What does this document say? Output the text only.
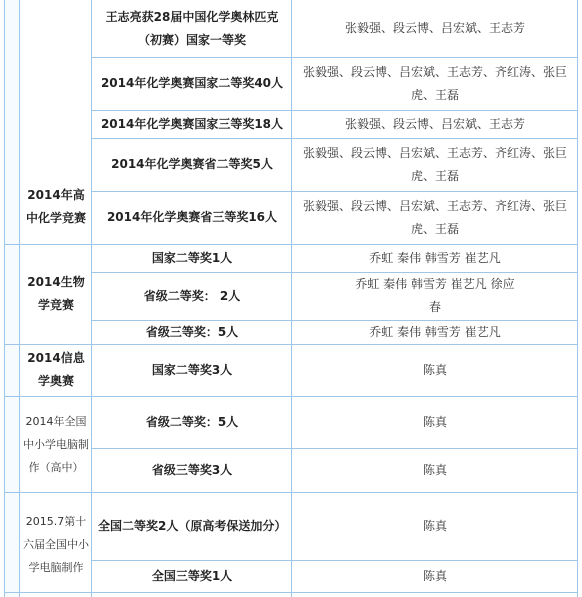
2014年高中化学竞赛
2014生物学竞赛
2014信息学奥赛
2014年全国中小学电脑制作（高中）
2015.7第十六届全国中小学电脑制作
王志亮获28届中国化学奥林匹克（初赛）国家一等奖
2014年化学奥赛国家二等奖40人
2014年化学奥赛国家三等奖18人
2014年化学奥赛省二等奖5人
2014年化学奥赛省三等奖16人
国家二等奖1人
省级二等奖： 2人
省级三等奖：5人
国家二等奖3人
省级二等奖：5人
省级三等奖3人
全国二等奖2人（原高考保送加分）
全国三等奖1人
张毅强、段云博、吕宏斌、王志芳
张毅强、段云博、吕宏斌、王志芳、齐红涛、张巨虎、王磊
张毅强、段云博、吕宏斌、王志芳
张毅强、段云博、吕宏斌、王志芳、齐红涛、张巨虎、王磊
张毅强、段云博、吕宏斌、王志芳、齐红涛、张巨虎、王磊
乔虹 秦伟 韩雪芳 崔艺凡
乔虹 秦伟 韩雪芳 崔艺凡 徐应春
乔虹 秦伟 韩雪芳 崔艺凡
陈真
陈真
陈真
陈真
陈真
